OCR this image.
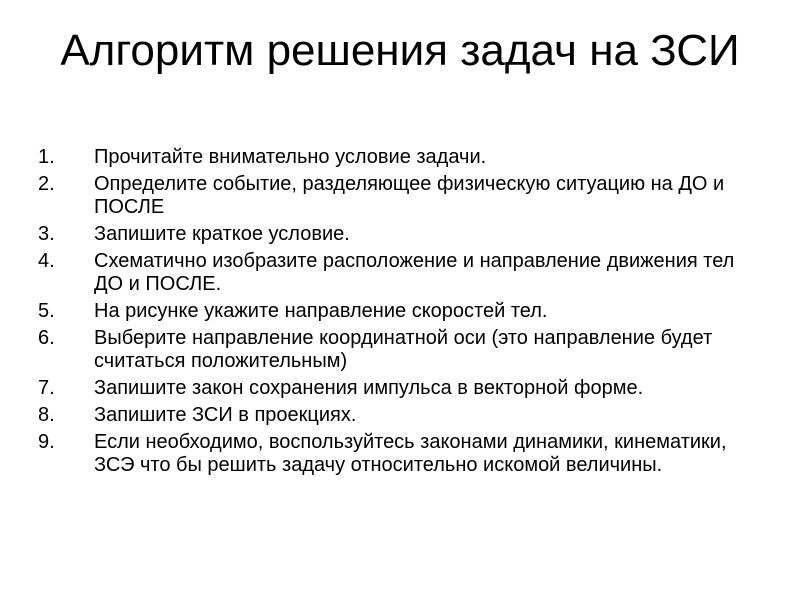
Алгоритм решения задач на ЗСИ
1.	Прочитайте внимательно условие задачи.
2.	Определите событие, разделяющее физическую ситуацию на ДО и ПОСЛЕ
3.	Запишите краткое условие.
4.	Схематично изобразите расположение и направление движения тел ДО и ПОСЛЕ.
5.	На рисунке укажите направление скоростей тел.
6.	Выберите направление координатной оси (это направление будет считаться положительным)
7.	Запишите закон сохранения импульса в векторной форме.
8.	Запишите ЗСИ в проекциях.
9.	Если необходимо, воспользуйтесь законами динамики, кинематики, ЗСЭ что бы решить задачу относительно искомой величины.
